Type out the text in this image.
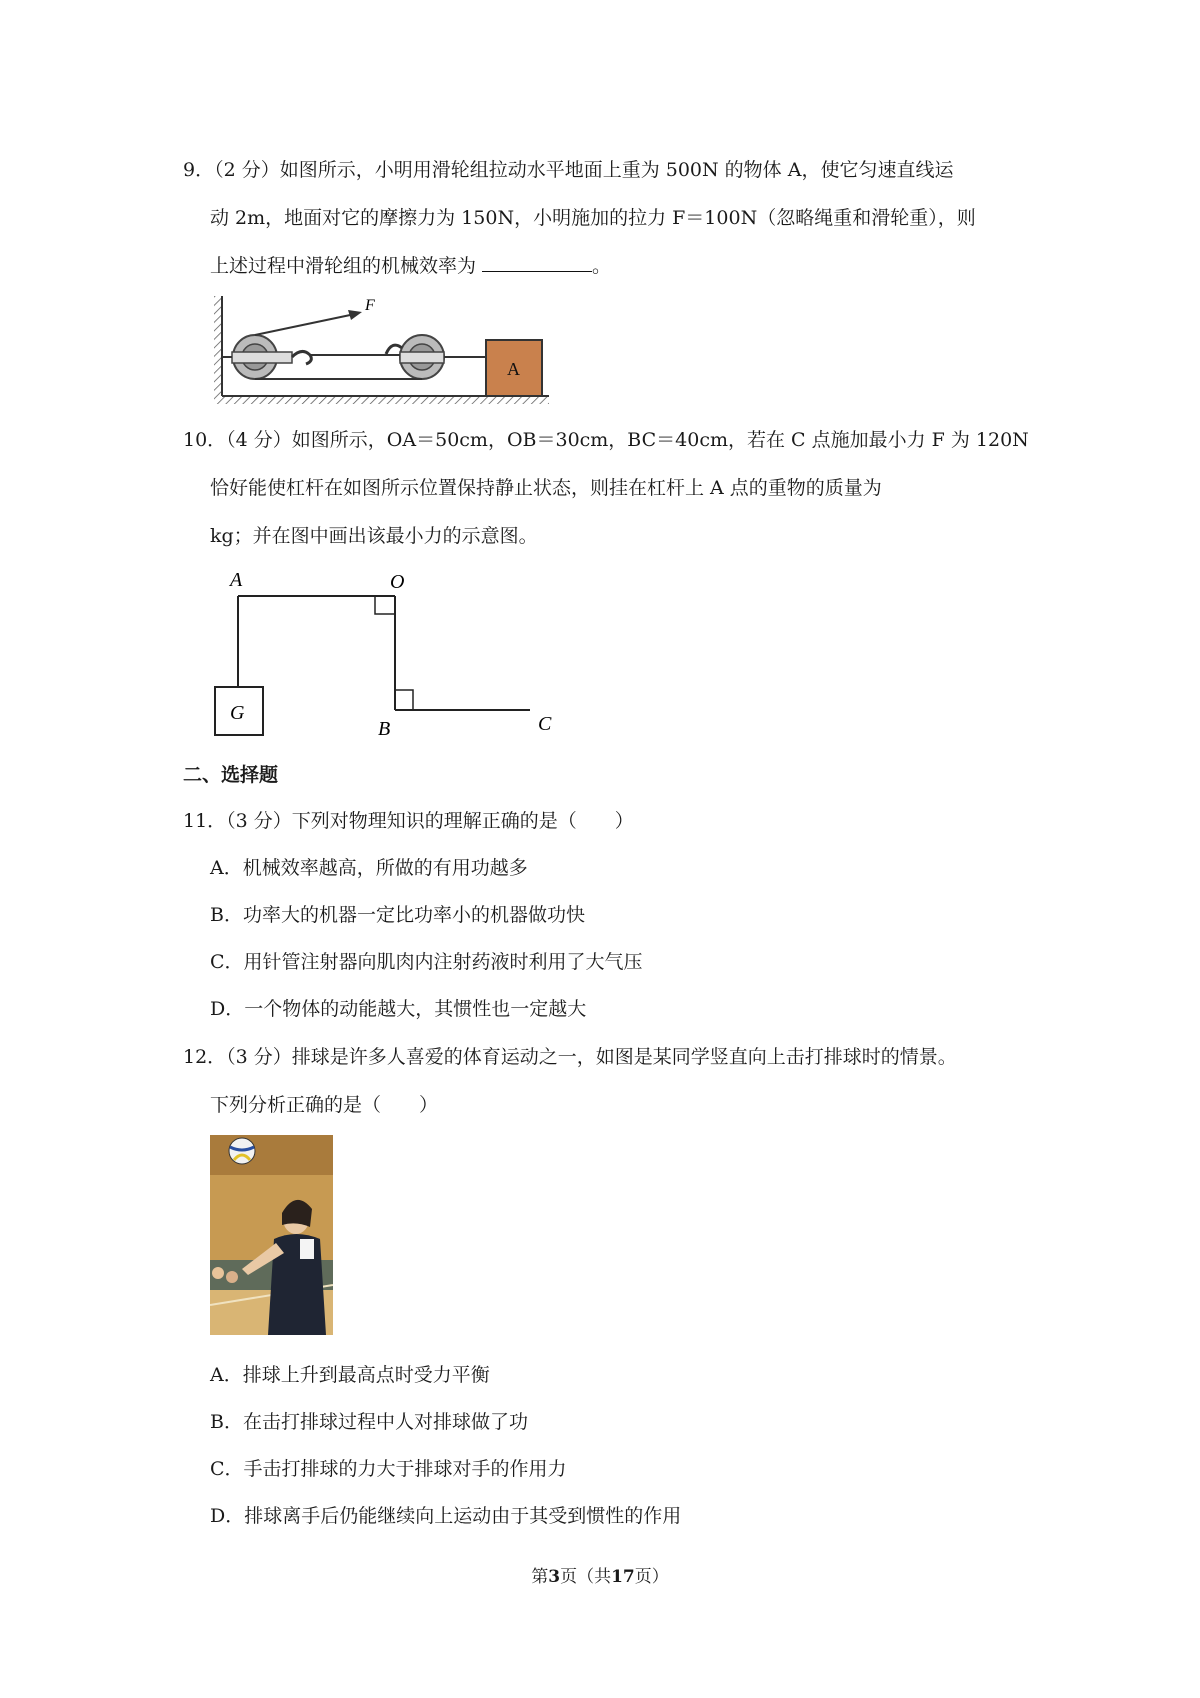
9．（2 分）如图所示，小明用滑轮组拉动水平地面上重为 500N 的物体 A，使它匀速直线运
动 2m，地面对它的摩擦力为 150N，小明施加的拉力 F＝100N（忽略绳重和滑轮重），则
上述过程中滑轮组的机械效率为	。
F
A
10．（4 分）如图所示，OA＝50cm，OB＝30cm，BC＝40cm，若在 C 点施加最小力 F 为 120N
恰好能使杠杆在如图所示位置保持静止状态，则挂在杠杆上 A 点的重物的质量为
kg；并在图中画出该最小力的示意图。
G
A	O
B	C
二、选择题
11．（3 分）下列对物理知识的理解正确的是（　　）
A．机械效率越高，所做的有用功越多
B．功率大的机器一定比功率小的机器做功快
C．用针管注射器向肌肉内注射药液时利用了大气压
D．一个物体的动能越大，其惯性也一定越大
12．（3 分）排球是许多人喜爱的体育运动之一，如图是某同学竖直向上击打排球时的情景。
下列分析正确的是（　　）
A．排球上升到最高点时受力平衡
B．在击打排球过程中人对排球做了功
C．手击打排球的力大于排球对手的作用力
D．排球离手后仍能继续向上运动由于其受到惯性的作用
第3页（共17页）
